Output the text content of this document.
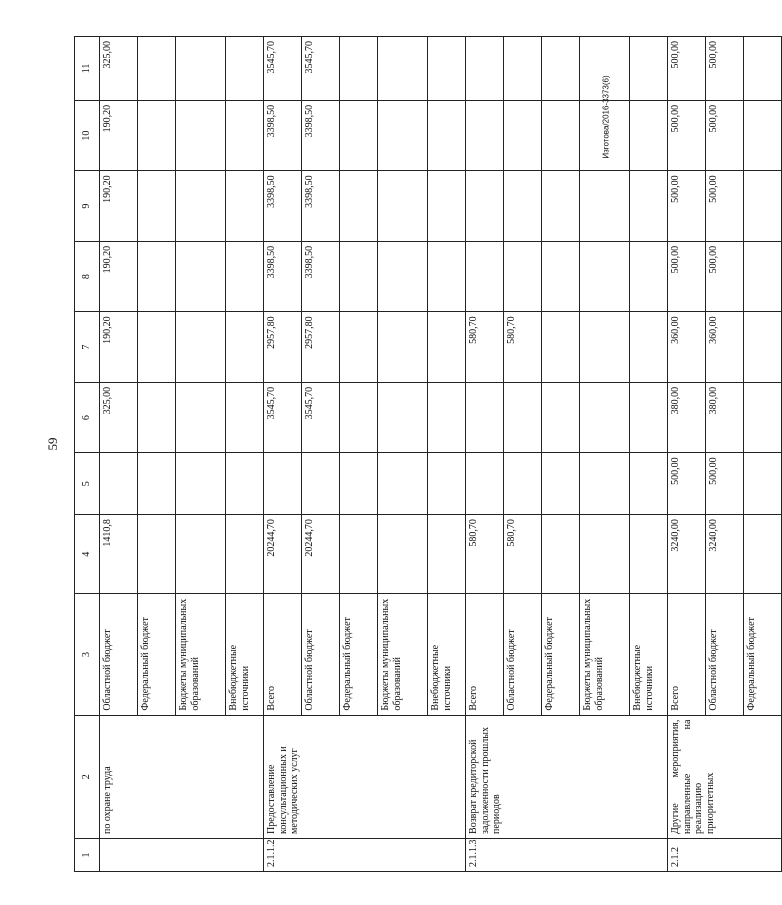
59
Изготова/2016-3373(6)
1	2	3	4	5	6	7	8	9	10	11
	по охране труда	Областной бюджет	1410,8		325,00	190,20	190,20	190,20	190,20	325,00
		Федеральный бюджет								
		Бюджеты муниципальных образований								
		Внебюджетные источники								
2.1.1.2	Предоставление консультационных и методических услуг	Всего	20244,70		3545,70	2957,80	3398,50	3398,50	3398,50	3545,70
		Областной бюджет	20244,70		3545,70	2957,80	3398,50	3398,50	3398,50	3545,70
		Федеральный бюджет								
		Бюджеты муниципальных образований								
		Внебюджетные источники								
2.1.1.3	Возврат кредиторской задолженности прошлых периодов	Всего	580,70			580,70				
		Областной бюджет	580,70			580,70				
		Федеральный бюджет								
		Бюджеты муниципальных образований								
		Внебюджетные источники								
2.1.2	Другие мероприятия, направленные на реализацию приоритетных	Всего	3240,00	500,00	380,00	360,00	500,00	500,00	500,00	500,00
		Областной бюджет	3240,00	500,00	380,00	360,00	500,00	500,00	500,00	500,00
		Федеральный бюджет								
